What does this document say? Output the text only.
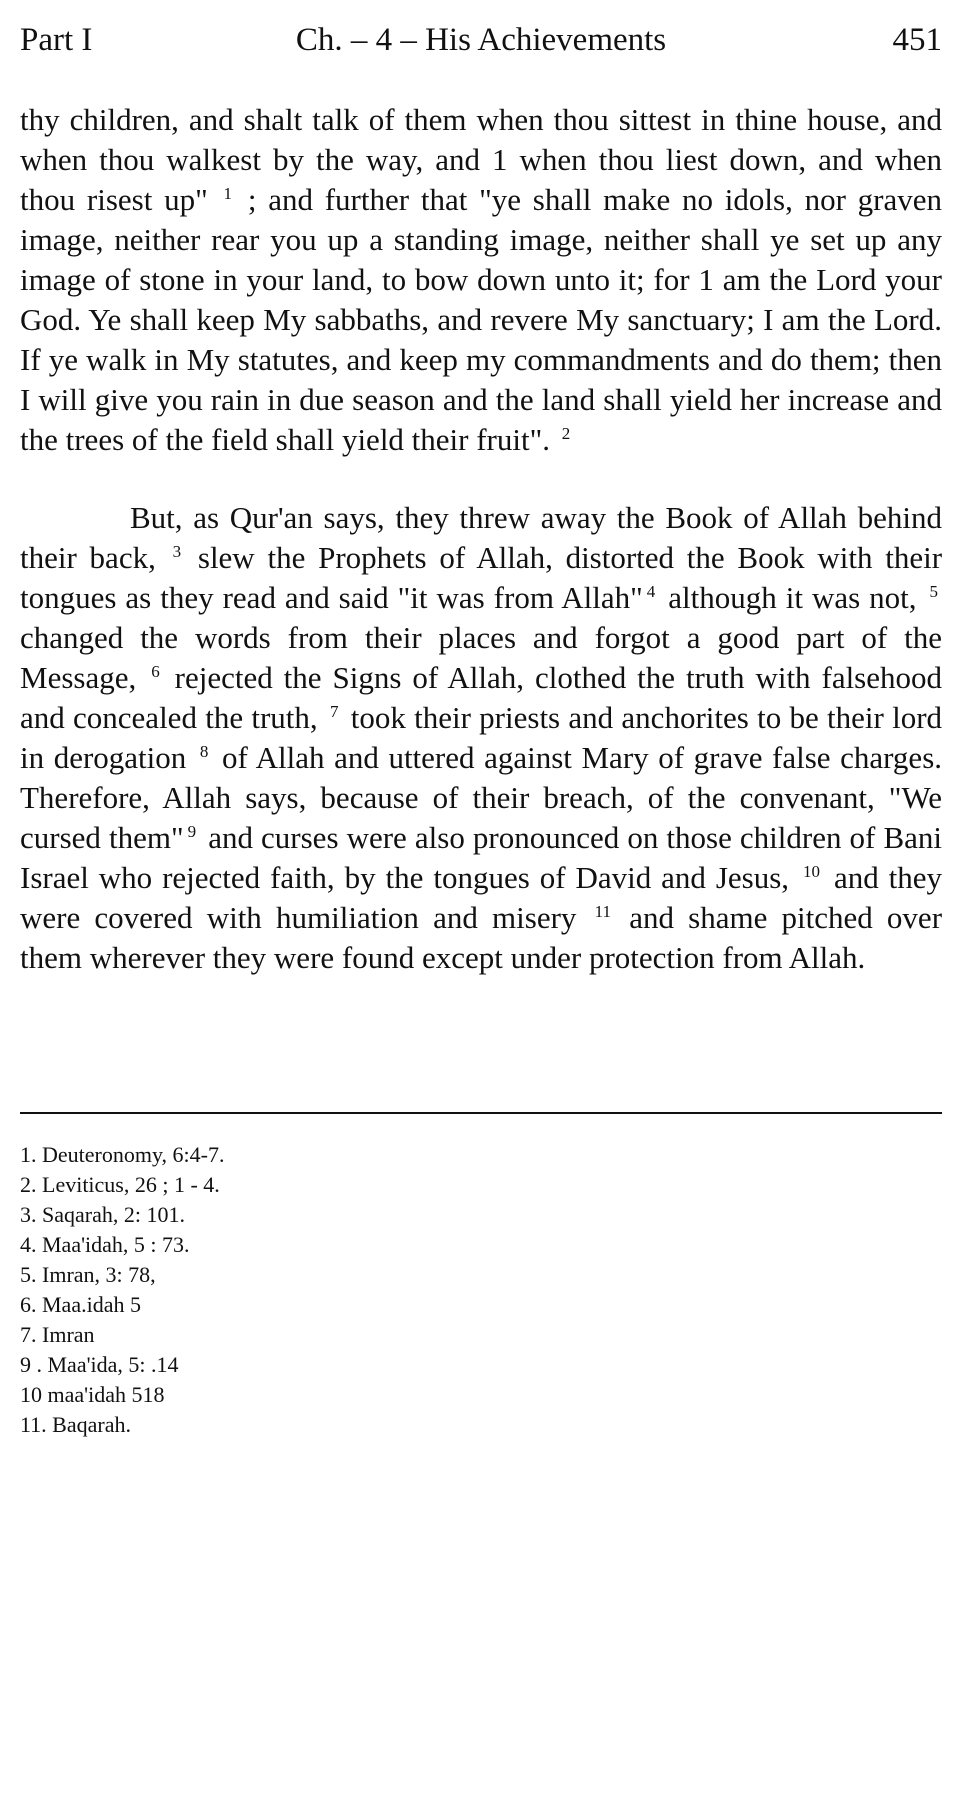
Part I	Ch. – 4 – His Achievements	451

thy children, and shalt talk of them when thou sittest in thine house, and when thou walkest by the way, and 1 when thou liest down, and when thou risest up" $^1$ ; and further that "ye shall make no idols, nor graven image, neither rear you up a standing image, neither shall ye set up any image of stone in your land, to bow down unto it; for 1 am the Lord your God. Ye shall keep My sabbaths, and revere My sanctuary; I am the Lord. If ye walk in My statutes, and keep my commandments and do them; then I will give you rain in due season and the land shall yield her increase and the trees of the field shall yield their fruit". $^2$

But, as Qur'an says, they threw away the Book of Allah behind their back, $^3$ slew the Prophets of Allah, distorted the Book with their tongues as they read and said "it was from Allah" $^4$ although it was not, $^5$ changed the words from their places and forgot a good part of the Message, $^6$ rejected the Signs of Allah, clothed the truth with falsehood and concealed the truth, $^7$ took their priests and anchorites to be their lord in derogation $^8$ of Allah and uttered against Mary of grave false charges. Therefore, Allah says, because of their breach, of the convenant, "We cursed them" $^9$ and curses were also pronounced on those children of Bani Israel who rejected faith, by the tongues of David and Jesus, $^{10}$ and they were covered with humiliation and misery $^{11}$ and shame pitched over them wherever they were found except under protection from Allah.

1. Deuteronomy, 6:4-7.
2. Leviticus, 26 ; 1 - 4.
3. Saqarah, 2: 101.
4. Maa'idah, 5 : 73.
5. Imran, 3: 78,
6. Maa.idah 5
7. Imran
9 . Maa'ida, 5: .14
10 maa'idah 518
11. Baqarah.
